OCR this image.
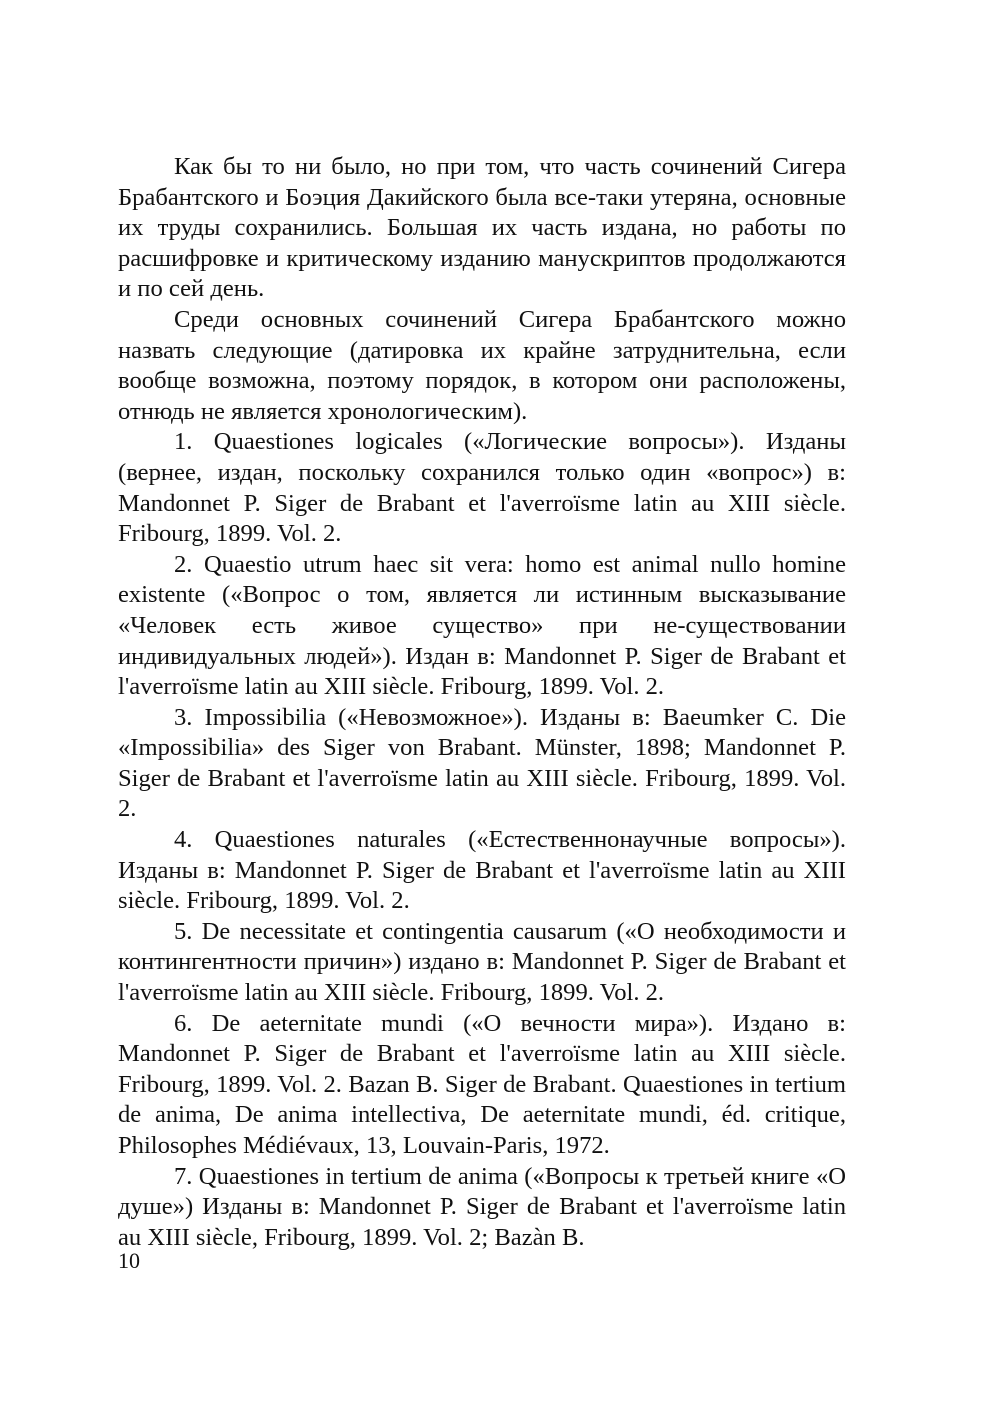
Как бы то ни было, но при том, что часть сочинений Сигера Брабантского и Боэция Дакийского была все-таки утеряна, основные их труды сохранились. Большая их часть издана, но работы по расшифровке и критическому изданию манускриптов продолжаются и по сей день.

Среди основных сочинений Сигера Брабантского можно назвать следующие (датировка их крайне затруднительна, если вообще возможна, поэтому порядок, в котором они расположены, отнюдь не является хронологическим).

1. Quaestiones logicales («Логические вопросы»). Изданы (вернее, издан, поскольку сохранился только один «вопрос») в: Mandonnet P. Siger de Brabant et l'averroïsme latin au XIII siècle. Fribourg, 1899. Vol. 2.

2. Quaestio utrum haec sit vera: homo est animal nullo homine existente («Вопрос о том, является ли истинным высказывание «Человек есть живое существо» при не-существовании индивидуальных людей»). Издан в: Mandonnet P. Siger de Brabant et l'averroïsme latin au XIII siècle. Fribourg, 1899. Vol. 2.

3. Impossibilia («Невозможное»). Изданы в: Baeumker C. Die «Impossibilia» des Siger von Brabant. Münster, 1898; Mandonnet P. Siger de Brabant et l'averroïsme latin au XIII siècle. Fribourg, 1899. Vol. 2.

4. Quaestiones naturales («Естественнонаучные вопросы»). Изданы в: Mandonnet P. Siger de Brabant et l'averroïsme latin au XIII siècle. Fribourg, 1899. Vol. 2.

5. De necessitate et contingentia causarum («О необходимости и контингентности причин») издано в: Mandonnet P. Siger de Brabant et l'averroïsme latin au XIII siècle. Fribourg, 1899. Vol. 2.

6. De aeternitate mundi («О вечности мира»). Издано в: Mandonnet P. Siger de Brabant et l'averroïsme latin au XIII siècle. Fribourg, 1899. Vol. 2. Bazan B. Siger de Brabant. Quaestiones in tertium de anima, De anima intellectiva, De aeternitate mundi, éd. critique, Philosophes Médiévaux, 13, Louvain-Paris, 1972.

7. Quaestiones in tertium de anima («Вопросы к третьей книге «О душе») Изданы в: Mandonnet P. Siger de Brabant et l'averroïsme latin au XIII siècle, Fribourg, 1899. Vol. 2; Bazàn B.

10
